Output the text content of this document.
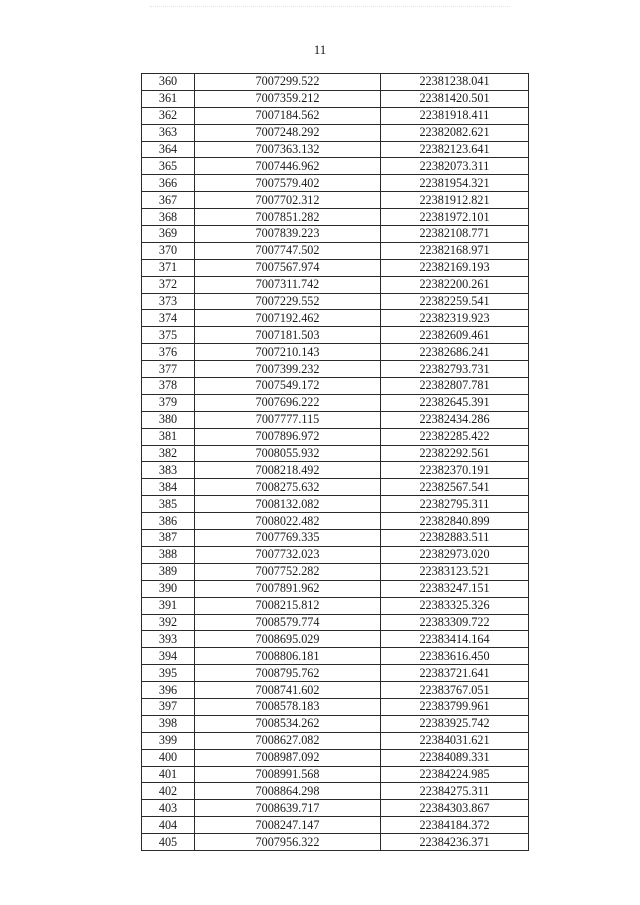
11
360	7007299.522	22381238.041
361	7007359.212	22381420.501
362	7007184.562	22381918.411
363	7007248.292	22382082.621
364	7007363.132	22382123.641
365	7007446.962	22382073.311
366	7007579.402	22381954.321
367	7007702.312	22381912.821
368	7007851.282	22381972.101
369	7007839.223	22382108.771
370	7007747.502	22382168.971
371	7007567.974	22382169.193
372	7007311.742	22382200.261
373	7007229.552	22382259.541
374	7007192.462	22382319.923
375	7007181.503	22382609.461
376	7007210.143	22382686.241
377	7007399.232	22382793.731
378	7007549.172	22382807.781
379	7007696.222	22382645.391
380	7007777.115	22382434.286
381	7007896.972	22382285.422
382	7008055.932	22382292.561
383	7008218.492	22382370.191
384	7008275.632	22382567.541
385	7008132.082	22382795.311
386	7008022.482	22382840.899
387	7007769.335	22382883.511
388	7007732.023	22382973.020
389	7007752.282	22383123.521
390	7007891.962	22383247.151
391	7008215.812	22383325.326
392	7008579.774	22383309.722
393	7008695.029	22383414.164
394	7008806.181	22383616.450
395	7008795.762	22383721.641
396	7008741.602	22383767.051
397	7008578.183	22383799.961
398	7008534.262	22383925.742
399	7008627.082	22384031.621
400	7008987.092	22384089.331
401	7008991.568	22384224.985
402	7008864.298	22384275.311
403	7008639.717	22384303.867
404	7008247.147	22384184.372
405	7007956.322	22384236.371
